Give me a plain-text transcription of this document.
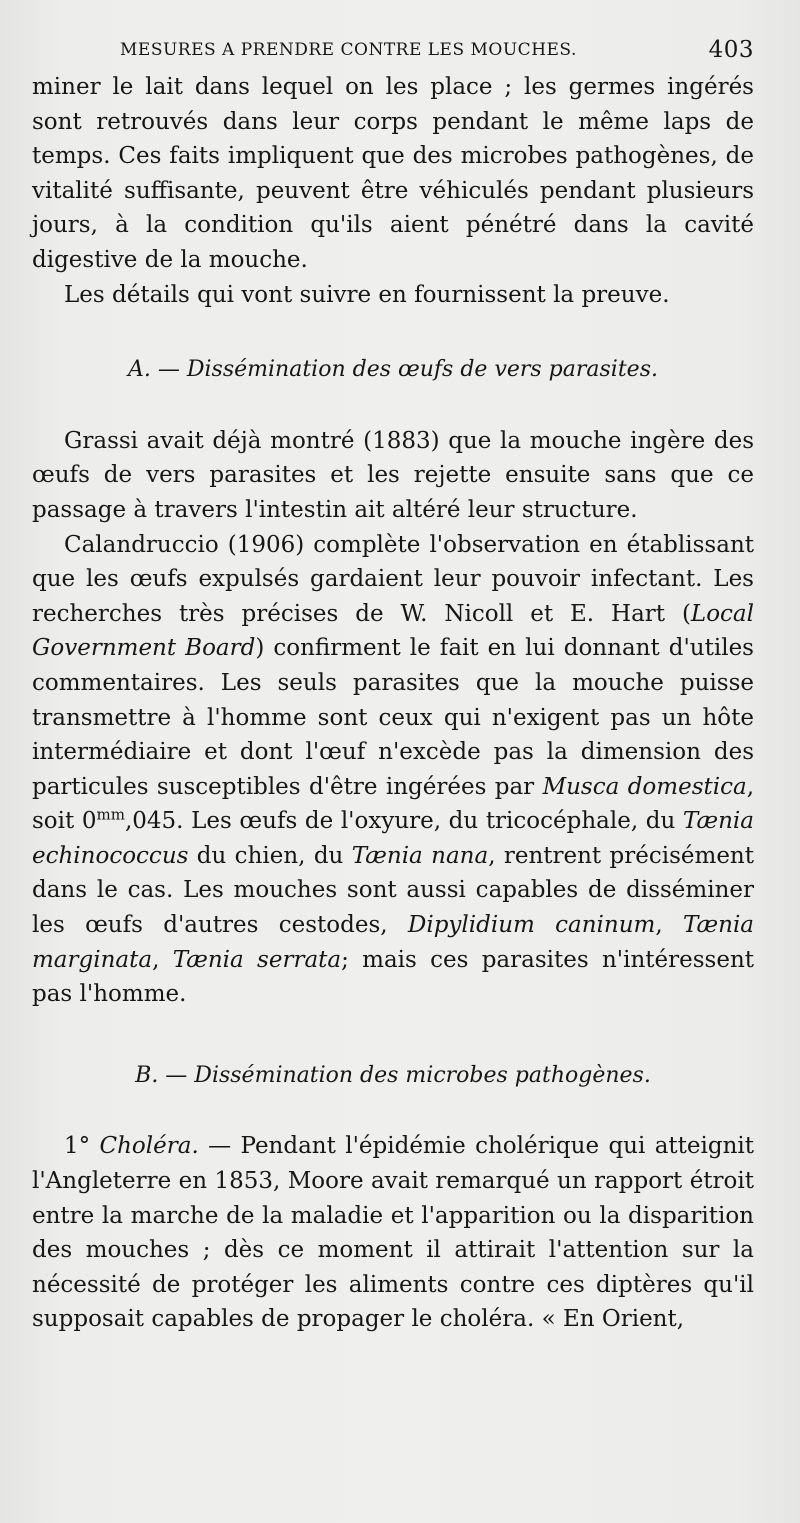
MESURES A PRENDRE CONTRE LES MOUCHES.	403

miner le lait dans lequel on les place ; les germes ingérés sont retrouvés dans leur corps pendant le même laps de temps. Ces faits impliquent que des microbes pathogènes, de vitalité suffisante, peuvent être véhiculés pendant plusieurs jours, à la condition qu'ils aient pénétré dans la cavité digestive de la mouche.

Les détails qui vont suivre en fournissent la preuve.

A. — Dissémination des œufs de vers parasites.

Grassi avait déjà montré (1883) que la mouche ingère des œufs de vers parasites et les rejette ensuite sans que ce passage à travers l'intestin ait altéré leur structure.

Calandruccio (1906) complète l'observation en établissant que les œufs expulsés gardaient leur pouvoir infectant. Les recherches très précises de W. Nicoll et E. Hart (Local Government Board) confirment le fait en lui donnant d'utiles commentaires. Les seuls parasites que la mouche puisse transmettre à l'homme sont ceux qui n'exigent pas un hôte intermédiaire et dont l'œuf n'excède pas la dimension des particules susceptibles d'être ingérées par Musca domestica, soit $0^{mm},045$. Les œufs de l'oxyure, du tricocéphale, du Tænia echinococcus du chien, du Tænia nana, rentrent précisément dans le cas. Les mouches sont aussi capables de disséminer les œufs d'autres cestodes, Dipylidium caninum, Tænia marginata, Tænia serrata; mais ces parasites n'intéressent pas l'homme.

B. — Dissémination des microbes pathogènes.

1° Choléra. — Pendant l'épidémie cholérique qui atteignit l'Angleterre en 1853, Moore avait remarqué un rapport étroit entre la marche de la maladie et l'apparition ou la disparition des mouches ; dès ce moment il attirait l'attention sur la nécessité de protéger les aliments contre ces diptères qu'il supposait capables de propager le choléra. « En Orient,
